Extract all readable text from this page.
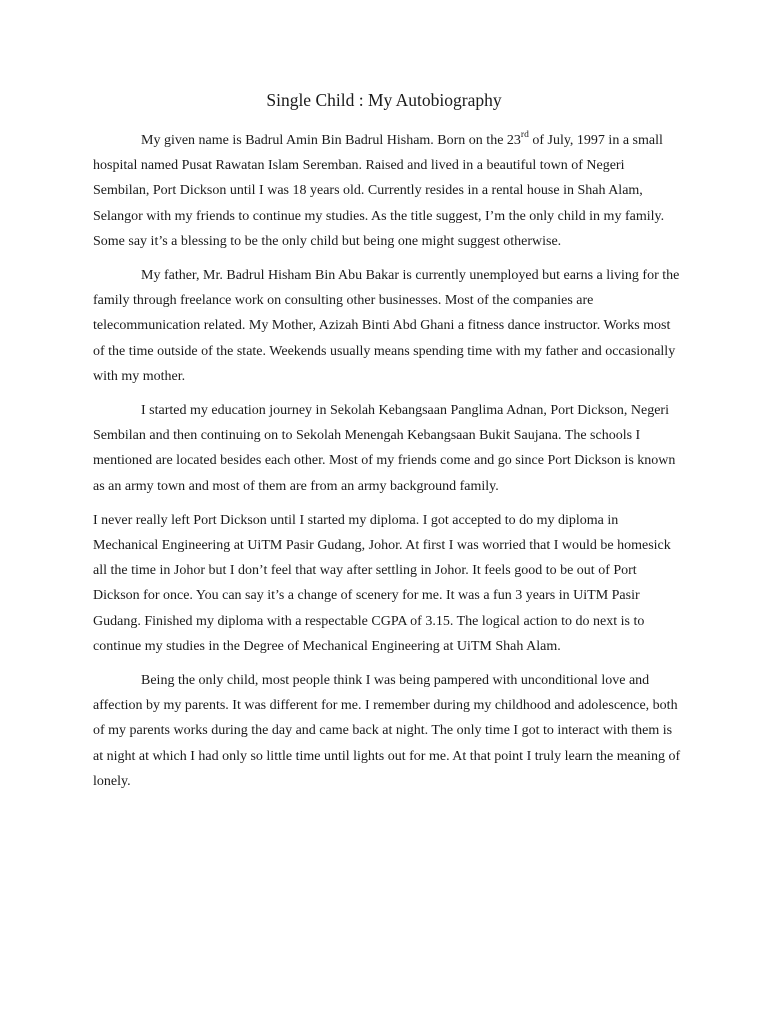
Single Child : My Autobiography

My given name is Badrul Amin Bin Badrul Hisham. Born on the 23rd of July, 1997 in a small hospital named Pusat Rawatan Islam Seremban. Raised and lived in a beautiful town of Negeri Sembilan, Port Dickson until I was 18 years old. Currently resides in a rental house in Shah Alam, Selangor with my friends to continue my studies. As the title suggest, I’m the only child in my family. Some say it’s a blessing to be the only child but being one might suggest otherwise.

My father, Mr. Badrul Hisham Bin Abu Bakar is currently unemployed but earns a living for the family through freelance work on consulting other businesses. Most of the companies are telecommunication related. My Mother, Azizah Binti Abd Ghani a fitness dance instructor. Works most of the time outside of the state. Weekends usually means spending time with my father and occasionally with my mother.

I started my education journey in Sekolah Kebangsaan Panglima Adnan, Port Dickson, Negeri Sembilan and then continuing on to Sekolah Menengah Kebangsaan Bukit Saujana. The schools I mentioned are located besides each other. Most of my friends come and go since Port Dickson is known as an army town and most of them are from an army background family.

I never really left Port Dickson until I started my diploma. I got accepted to do my diploma in Mechanical Engineering at UiTM Pasir Gudang, Johor. At first I was worried that I would be homesick all the time in Johor but I don’t feel that way after settling in Johor. It feels good to be out of Port Dickson for once. You can say it’s a change of scenery for me. It was a fun 3 years in UiTM Pasir Gudang. Finished my diploma with a respectable CGPA of 3.15. The logical action to do next is to continue my studies in the Degree of Mechanical Engineering at UiTM Shah Alam.

Being the only child, most people think I was being pampered with unconditional love and affection by my parents. It was different for me. I remember during my childhood and adolescence, both of my parents works during the day and came back at night. The only time I got to interact with them is at night at which I had only so little time until lights out for me. At that point I truly learn the meaning of lonely.
